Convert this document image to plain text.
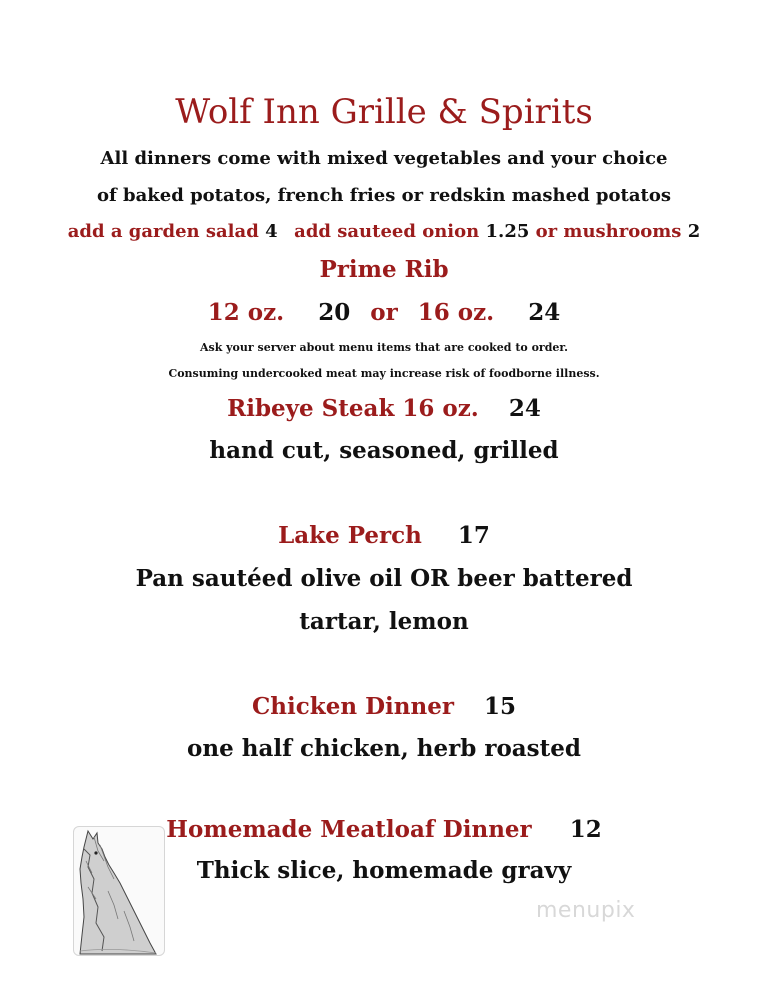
Wolf Inn Grille & Spirits
All dinners come with mixed vegetables and your choice
of baked potatos, french fries or redskin mashed potatos
add a garden salad 4 add sauteed onion 1.25 or mushrooms 2
Prime Rib
12 oz. 20 or 16 oz. 24
Ask your server about menu items that are cooked to order.
Consuming undercooked meat may increase risk of foodborne illness.
Ribeye Steak 16 oz. 24
hand cut, seasoned, grilled
Lake Perch 17
Pan sautéed olive oil OR beer battered
tartar, lemon
Chicken Dinner 15
one half chicken, herb roasted
Homemade Meatloaf Dinner 12
Thick slice, homemade gravy
menupix
